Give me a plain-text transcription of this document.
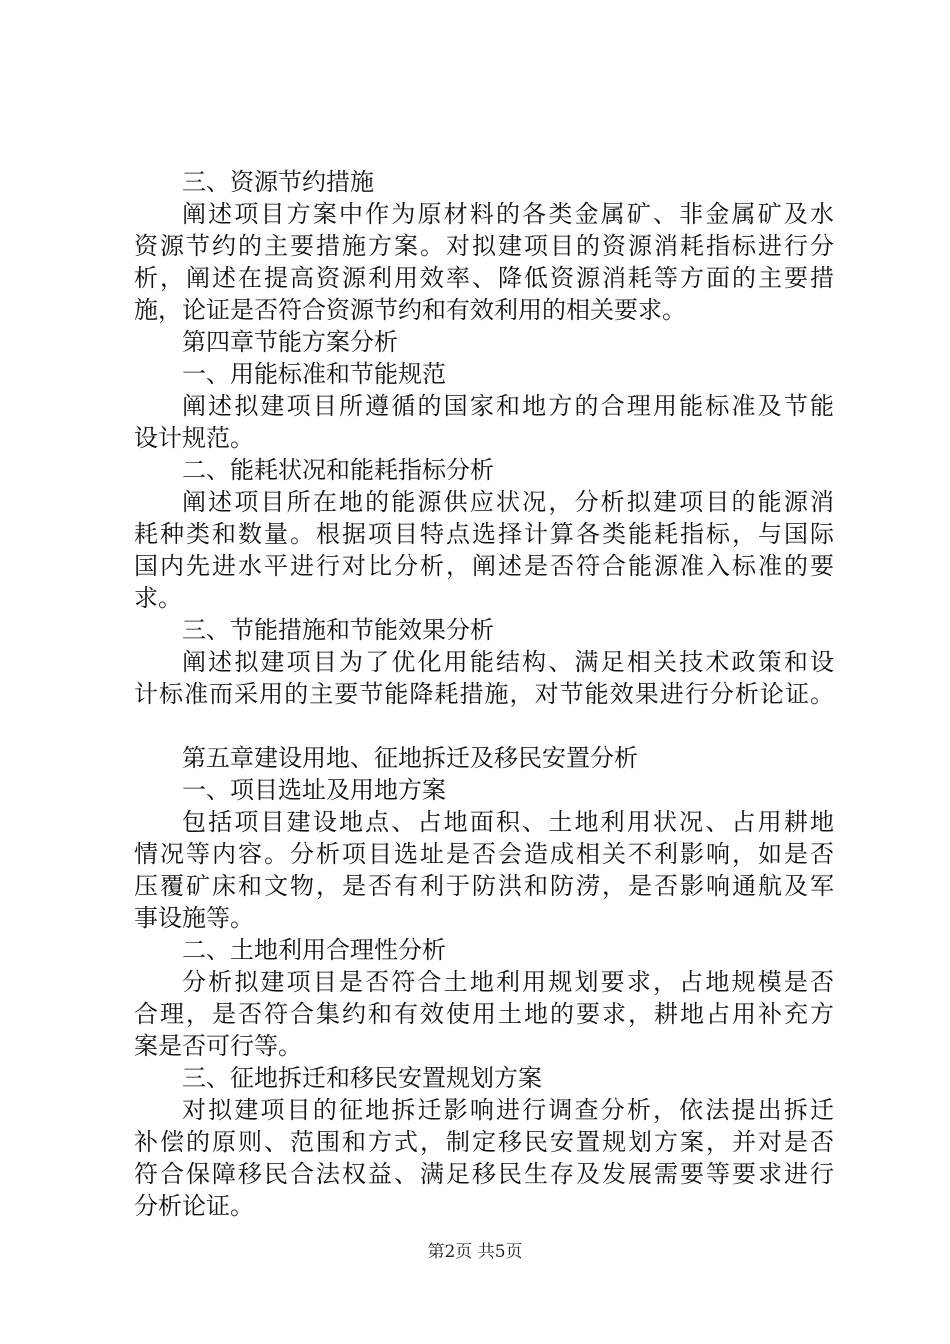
三、资源节约措施
阐述项目方案中作为原材料的各类金属矿、非金属矿及水
资源节约的主要措施方案。对拟建项目的资源消耗指标进行分
析，阐述在提高资源利用效率、降低资源消耗等方面的主要措
施，论证是否符合资源节约和有效利用的相关要求。
第四章节能方案分析
一、用能标准和节能规范
阐述拟建项目所遵循的国家和地方的合理用能标准及节能
设计规范。
二、能耗状况和能耗指标分析
阐述项目所在地的能源供应状况，分析拟建项目的能源消
耗种类和数量。根据项目特点选择计算各类能耗指标，与国际
国内先进水平进行对比分析，阐述是否符合能源准入标准的要
求。
三、节能措施和节能效果分析
阐述拟建项目为了优化用能结构、满足相关技术政策和设
计标准而采用的主要节能降耗措施，对节能效果进行分析论证。
第五章建设用地、征地拆迁及移民安置分析
一、项目选址及用地方案
包括项目建设地点、占地面积、土地利用状况、占用耕地
情况等内容。分析项目选址是否会造成相关不利影响，如是否
压覆矿床和文物，是否有利于防洪和防涝，是否影响通航及军
事设施等。
二、土地利用合理性分析
分析拟建项目是否符合土地利用规划要求，占地规模是否
合理，是否符合集约和有效使用土地的要求，耕地占用补充方
案是否可行等。
三、征地拆迁和移民安置规划方案
对拟建项目的征地拆迁影响进行调查分析，依法提出拆迁
补偿的原则、范围和方式，制定移民安置规划方案，并对是否
符合保障移民合法权益、满足移民生存及发展需要等要求进行
分析论证。
第2页 共5页
